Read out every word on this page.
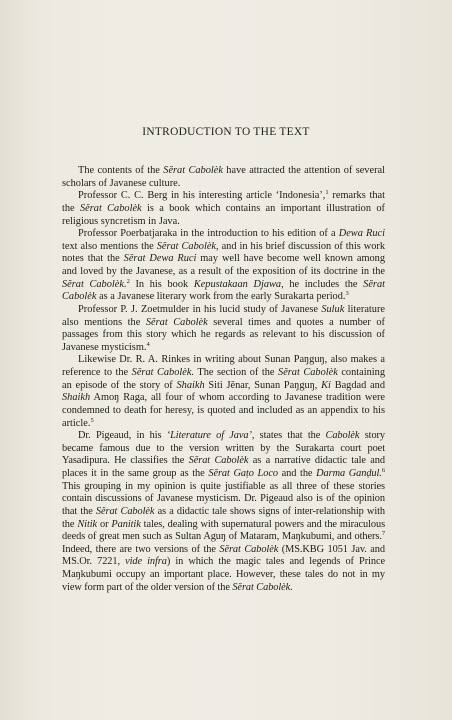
INTRODUCTION TO THE TEXT

The contents of the Sĕrat Cabolèk have attracted the attention of several scholars of Javanese culture.

Professor C. C. Berg in his interesting article ‘Indonesia’,$^1$ remarks that the Sĕrat Cabolèk is a book which contains an important illustration of religious syncretism in Java.

Professor Poerbatjaraka in the introduction to his edition of a Dewa Ruci text also mentions the Sĕrat Cabolèk, and in his brief discussion of this work notes that the Sĕrat Dewa Ruci may well have become well known among and loved by the Javanese, as a result of the exposition of its doctrine in the Sĕrat Cabolèk.$^2$ In his book Kepustakaan Djawa, he includes the Sĕrat Cabolèk as a Javanese literary work from the early Surakarta period.$^3$

Professor P. J. Zoetmulder in his lucid study of Javanese Suluk literature also mentions the Sĕrat Cabolèk several times and quotes a number of passages from this story which he regards as relevant to his discussion of Javanese mysticism.$^4$

Likewise Dr. R. A. Rinkes in writing about Sunan Paŋguŋ, also makes a reference to the Sĕrat Cabolèk. The section of the Sĕrat Cabolèk containing an episode of the story of Shaikh Siti Jĕnar, Sunan Paŋguŋ, Ki Bagdad and Shaikh Amoŋ Raga, all four of whom according to Javanese tradition were condemned to death for heresy, is quoted and included as an appendix to his article.$^5$

Dr. Pigeaud, in his ‘Literature of Java’, states that the Cabolèk story became famous due to the version written by the Surakarta court poet Yasadipura. He classifies the Sĕrat Cabolèk as a narrative didactic tale and places it in the same group as the Sĕrat Gaṭo Loco and the Darma Ganḍul.$^6$ This grouping in my opinion is quite justifiable as all three of these stories contain discussions of Javanese mysticism. Dr. Pigeaud also is of the opinion that the Sĕrat Cabolèk as a didactic tale shows signs of inter-relationship with the Nitik or Panitik tales, dealing with supernatural powers and the miraculous deeds of great men such as Sultan Aguŋ of Mataram, Maŋkubumi, and others.$^7$ Indeed, there are two versions of the Sĕrat Cabolèk (MS.KBG 1051 Jav. and MS.Or. 7221, vide infra) in which the magic tales and legends of Prince Maŋkubumi occupy an important place. However, these tales do not in my view form part of the older version of the Sĕrat Cabolèk.
